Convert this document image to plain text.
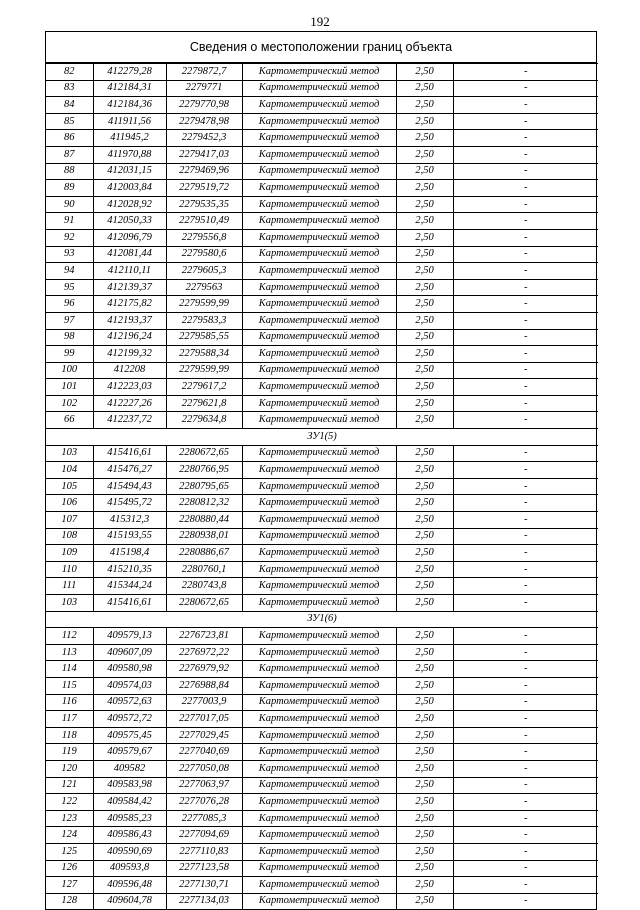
192
Сведения о местоположении границ объекта
82	412279,28	2279872,7	Картометрический метод	2,50	-
83	412184,31	2279771	Картометрический метод	2,50	-
84	412184,36	2279770,98	Картометрический метод	2,50	-
85	411911,56	2279478,98	Картометрический метод	2,50	-
86	411945,2	2279452,3	Картометрический метод	2,50	-
87	411970,88	2279417,03	Картометрический метод	2,50	-
88	412031,15	2279469,96	Картометрический метод	2,50	-
89	412003,84	2279519,72	Картометрический метод	2,50	-
90	412028,92	2279535,35	Картометрический метод	2,50	-
91	412050,33	2279510,49	Картометрический метод	2,50	-
92	412096,79	2279556,8	Картометрический метод	2,50	-
93	412081,44	2279580,6	Картометрический метод	2,50	-
94	412110,11	2279605,3	Картометрический метод	2,50	-
95	412139,37	2279563	Картометрический метод	2,50	-
96	412175,82	2279599,99	Картометрический метод	2,50	-
97	412193,37	2279583,3	Картометрический метод	2,50	-
98	412196,24	2279585,55	Картометрический метод	2,50	-
99	412199,32	2279588,34	Картометрический метод	2,50	-
100	412208	2279599,99	Картометрический метод	2,50	-
101	412223,03	2279617,2	Картометрический метод	2,50	-
102	412227,26	2279621,8	Картометрический метод	2,50	-
66	412237,72	2279634,8	Картометрический метод	2,50	-
ЗУ1(5)					
103	415416,61	2280672,65	Картометрический метод	2,50	-
104	415476,27	2280766,95	Картометрический метод	2,50	-
105	415494,43	2280795,65	Картометрический метод	2,50	-
106	415495,72	2280812,32	Картометрический метод	2,50	-
107	415312,3	2280880,44	Картометрический метод	2,50	-
108	415193,55	2280938,01	Картометрический метод	2,50	-
109	415198,4	2280886,67	Картометрический метод	2,50	-
110	415210,35	2280760,1	Картометрический метод	2,50	-
111	415344,24	2280743,8	Картометрический метод	2,50	-
103	415416,61	2280672,65	Картометрический метод	2,50	-
ЗУ1(6)					
112	409579,13	2276723,81	Картометрический метод	2,50	-
113	409607,09	2276972,22	Картометрический метод	2,50	-
114	409580,98	2276979,92	Картометрический метод	2,50	-
115	409574,03	2276988,84	Картометрический метод	2,50	-
116	409572,63	2277003,9	Картометрический метод	2,50	-
117	409572,72	2277017,05	Картометрический метод	2,50	-
118	409575,45	2277029,45	Картометрический метод	2,50	-
119	409579,67	2277040,69	Картометрический метод	2,50	-
120	409582	2277050,08	Картометрический метод	2,50	-
121	409583,98	2277063,97	Картометрический метод	2,50	-
122	409584,42	2277076,28	Картометрический метод	2,50	-
123	409585,23	2277085,3	Картометрический метод	2,50	-
124	409586,43	2277094,69	Картометрический метод	2,50	-
125	409590,69	2277110,83	Картометрический метод	2,50	-
126	409593,8	2277123,58	Картометрический метод	2,50	-
127	409596,48	2277130,71	Картометрический метод	2,50	-
128	409604,78	2277134,03	Картометрический метод	2,50	-
